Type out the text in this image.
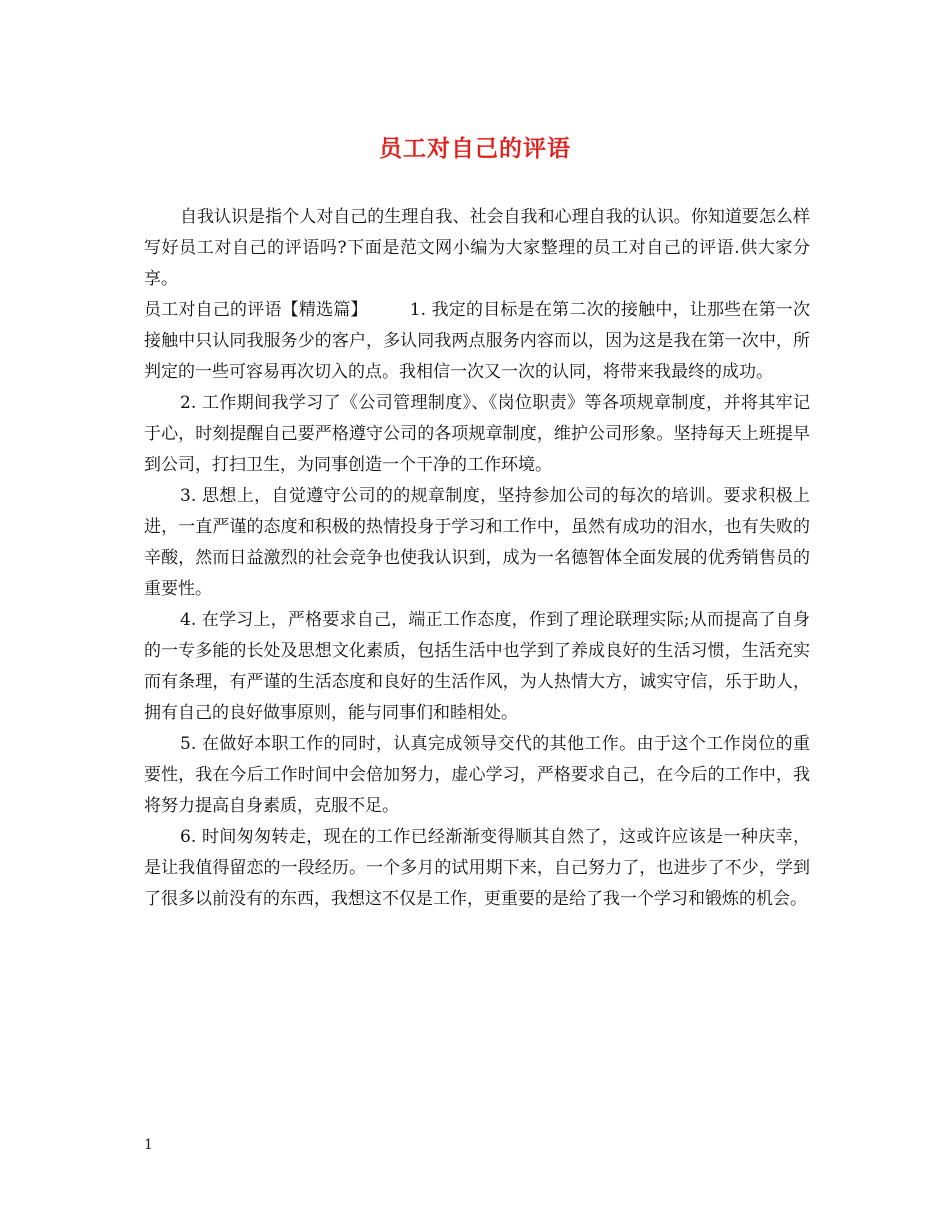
员工对自己的评语

自我认识是指个人对自己的生理自我、社会自我和心理自我的认识。你知道要怎么样写好员工对自己的评语吗?下面是范文网小编为大家整理的员工对自己的评语.供大家分享。

员工对自己的评语【精选篇】 1. 我定的目标是在第二次的接触中，让那些在第一次接触中只认同我服务少的客户，多认同我两点服务内容而以，因为这是我在第一次中，所判定的一些可容易再次切入的点。我相信一次又一次的认同，将带来我最终的成功。

2. 工作期间我学习了《公司管理制度》、《岗位职责》等各项规章制度，并将其牢记于心，时刻提醒自己要严格遵守公司的各项规章制度，维护公司形象。坚持每天上班提早到公司，打扫卫生，为同事创造一个干净的工作环境。

3. 思想上，自觉遵守公司的的规章制度，坚持参加公司的每次的培训。要求积极上进，一直严谨的态度和积极的热情投身于学习和工作中，虽然有成功的泪水，也有失败的辛酸，然而日益激烈的社会竞争也使我认识到，成为一名德智体全面发展的优秀销售员的重要性。

4. 在学习上，严格要求自己，端正工作态度，作到了理论联理实际;从而提高了自身的一专多能的长处及思想文化素质，包括生活中也学到了养成良好的生活习惯，生活充实而有条理，有严谨的生活态度和良好的生活作风，为人热情大方，诚实守信，乐于助人，拥有自己的良好做事原则，能与同事们和睦相处。

5. 在做好本职工作的同时，认真完成领导交代的其他工作。由于这个工作岗位的重要性，我在今后工作时间中会倍加努力，虚心学习，严格要求自己，在今后的工作中，我将努力提高自身素质，克服不足。

6. 时间匆匆转走，现在的工作已经渐渐变得顺其自然了，这或许应该是一种庆幸，是让我值得留恋的一段经历。一个多月的试用期下来，自己努力了，也进步了不少，学到了很多以前没有的东西，我想这不仅是工作，更重要的是给了我一个学习和锻炼的机会。

1
